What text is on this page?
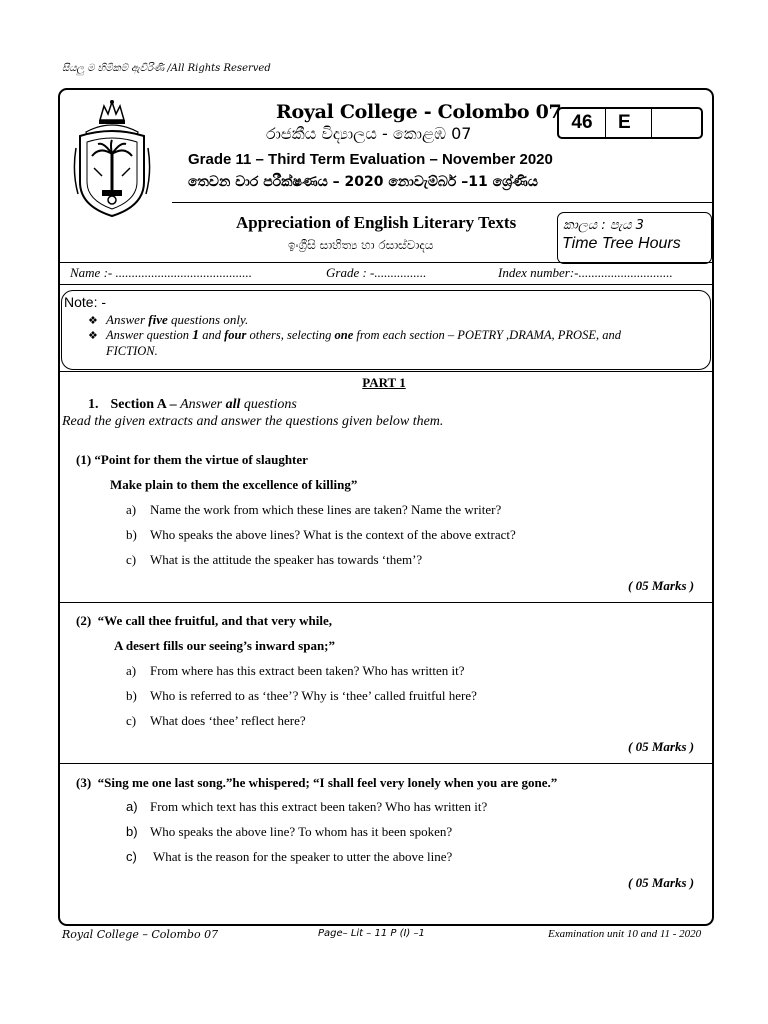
සියලු ම හිමිකම් ඇවිරිණි /All Rights Reserved
Royal College - Colombo 07
රාජකීය විද්‍යාලය - කොළඹ 07
46	E
Grade 11 – Third Term Evaluation – November 2020
තෙවන වාර පරීක්ෂණය – 2020 නොවැම්බර් –11 ශ්‍රේණිය
Appreciation of English Literary Texts
ඉංග්‍රීසි සාහිත්‍ය හා රසාස්වාදය
කාලය : පැය 3
Time Tree Hours
Name :- ..........................................	Grade : -................	Index number:-.............................
Note: -
❖ Answer five questions only.
❖ Answer question 1 and four others, selecting one from each section – POETRY ,DRAMA, PROSE, and
FICTION.
PART 1
1. Section A – Answer all questions
Read the given extracts and answer the questions given below them.
(1) “Point for them the virtue of slaughter
Make plain to them the excellence of killing”
a) Name the work from which these lines are taken? Name the writer?
b) Who speaks the above lines? What is the context of the above extract?
c) What is the attitude the speaker has towards ‘them’?
( 05 Marks )
(2) “We call thee fruitful, and that very while,
A desert fills our seeing’s inward span;”
a) From where has this extract been taken? Who has written it?
b) Who is referred to as ‘thee’? Why is ‘thee’ called fruitful here?
c) What does ‘thee’ reflect here?
( 05 Marks )
(3) “Sing me one last song.”he whispered; “I shall feel very lonely when you are gone.”
a) From which text has this extract been taken? Who has written it?
b) Who speaks the above line? To whom has it been spoken?
c) What is the reason for the speaker to utter the above line?
( 05 Marks )
Royal College – Colombo 07	Page– Lit – 11 P (I) –1	Examination unit 10 and 11 - 2020
